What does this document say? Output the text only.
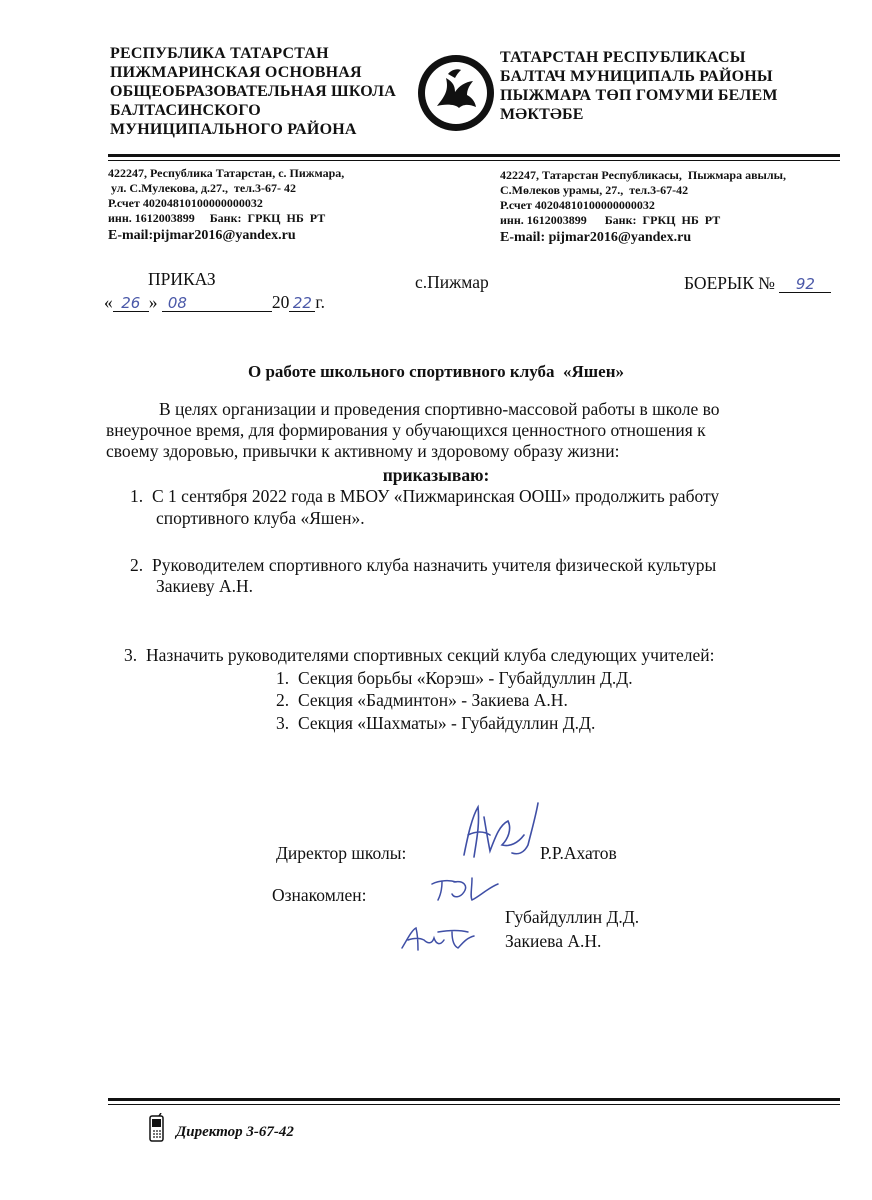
РЕСПУБЛИКА ТАТАРСТАН
ПИЖМАРИНСКАЯ ОСНОВНАЯ
ОБЩЕОБРАЗОВАТЕЛЬНАЯ ШКОЛА
БАЛТАСИНСКОГО
МУНИЦИПАЛЬНОГО РАЙОНА
ТАТАРСТАН РЕСПУБЛИКАСЫ
БАЛТАЧ МУНИЦИПАЛЬ РАЙОНЫ
ПЫЖМАРА ТӨП ГОМУМИ БЕЛЕМ
МӘКТӘБЕ
422247, Республика Татарстан, с. Пижмара,
ул. С.Мулекова, д.27.,  тел.3-67- 42
Р.счет 40204810100000000032
инн. 1612003899     Банк:  ГРКЦ  НБ  РТ
E-mail:pijmar2016@yandex.ru
422247, Татарстан Республикасы,  Пыжмара авылы,
С.Мөлеков урамы, 27.,  тел.3-67-42
Р.счет 40204810100000000032
инн. 1612003899      Банк:  ГРКЦ  НБ  РТ
E-mail: pijmar2016@yandex.ru
ПРИКАЗ	с.Пижмар	БОЕРЫК № 92
« 26 » 08	20 22 г.
О работе школьного спортивного клуба  «Яшен»
В целях организации и проведения спортивно-массовой работы в школе во
внеурочное время, для формирования у обучающихся ценностного отношения к
своему здоровью, привычки к активному и здоровому образу жизни:
приказываю:
1. С 1 сентября 2022 года в МБОУ «Пижмаринская ООШ» продолжить работу
спортивного клуба «Яшен».
2. Руководителем спортивного клуба назначить учителя физической культуры
Закиеву А.Н.
3. Назначить руководителями спортивных секций клуба следующих учителей:
1. Секция борьбы «Корэш» - Губайдуллин Д.Д.
2. Секция «Бадминтон» - Закиева А.Н.
3. Секция «Шахматы» - Губайдуллин Д.Д.
Директор школы:	Р.Р.Ахатов
Ознакомлен:
Губайдуллин Д.Д.
Закиева А.Н.
Директор 3-67-42
